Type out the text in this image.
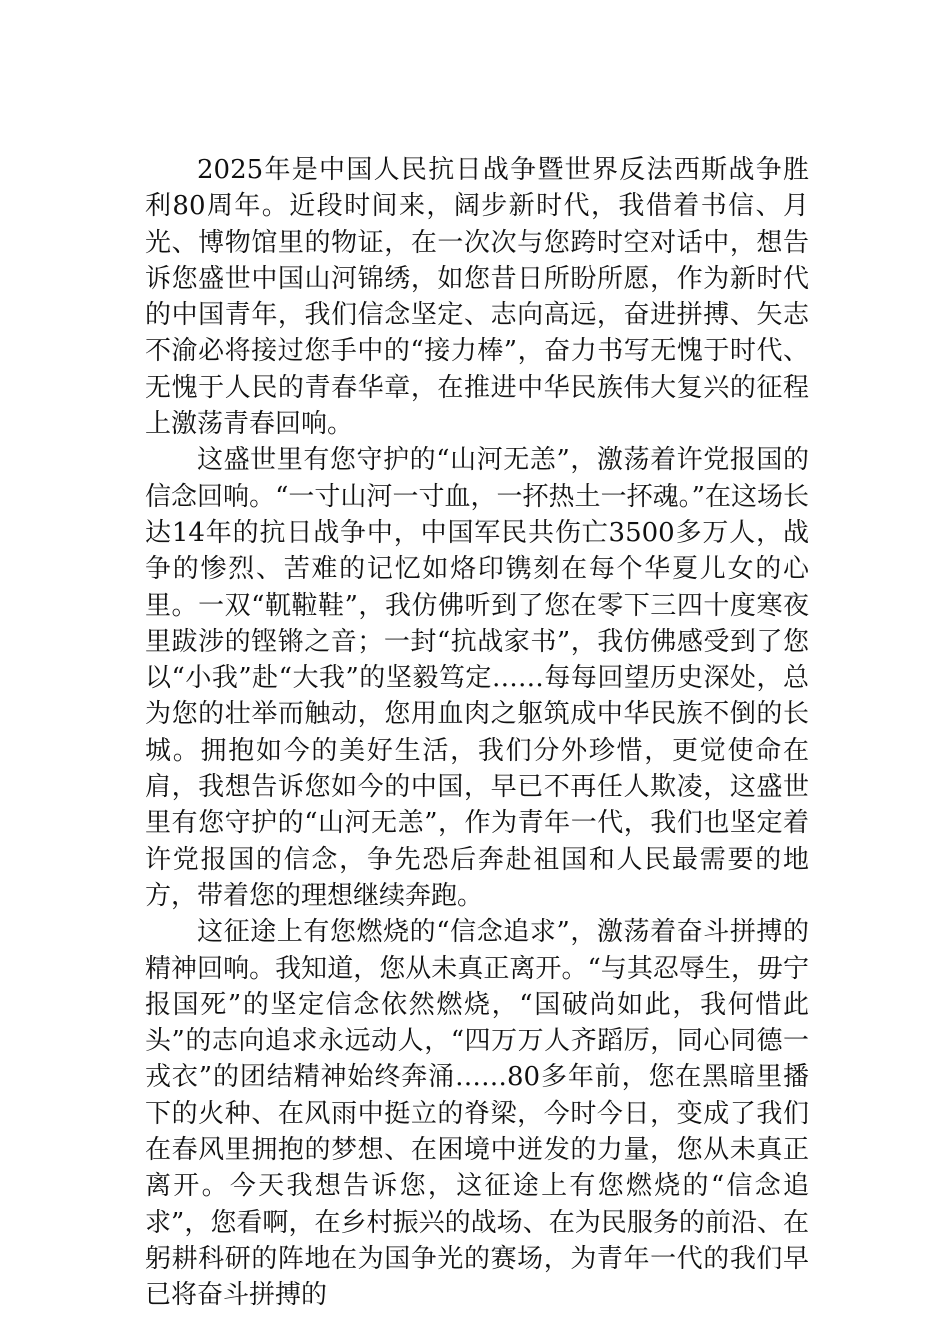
2025年是中国人民抗日战争暨世界反法西斯战争胜利80周年。近段时间来，阔步新时代，我借着书信、月光、博物馆里的物证，在一次次与您跨时空对话中，想告诉您盛世中国山河锦绣，如您昔日所盼所愿，作为新时代的中国青年，我们信念坚定、志向高远，奋进拼搏、矢志不渝必将接过您手中的“接力棒”，奋力书写无愧于时代、无愧于人民的青春华章，在推进中华民族伟大复兴的征程上激荡青春回响。

这盛世里有您守护的“山河无恙”，激荡着许党报国的信念回响。“一寸山河一寸血，一抔热土一抔魂。”在这场长达14年的抗日战争中，中国军民共伤亡3500多万人，战争的惨烈、苦难的记忆如烙印镌刻在每个华夏儿女的心里。一双“靰鞡鞋”，我仿佛听到了您在零下三四十度寒夜里跋涉的铿锵之音；一封“抗战家书”，我仿佛感受到了您以“小我”赴“大我”的坚毅笃定……每每回望历史深处，总为您的壮举而触动，您用血肉之躯筑成中华民族不倒的长城。拥抱如今的美好生活，我们分外珍惜，更觉使命在肩，我想告诉您如今的中国，早已不再任人欺凌，这盛世里有您守护的“山河无恙”，作为青年一代，我们也坚定着许党报国的信念，争先恐后奔赴祖国和人民最需要的地方，带着您的理想继续奔跑。

这征途上有您燃烧的“信念追求”，激荡着奋斗拼搏的精神回响。我知道，您从未真正离开。“与其忍辱生，毋宁报国死”的坚定信念依然燃烧，“国破尚如此，我何惜此头”的志向追求永远动人，“四万万人齐蹈厉，同心同德一戎衣”的团结精神始终奔涌……80多年前，您在黑暗里播下的火种、在风雨中挺立的脊梁，今时今日，变成了我们在春风里拥抱的梦想、在困境中迸发的力量，您从未真正离开。今天我想告诉您，这征途上有您燃烧的“信念追求”，您看啊，在乡村振兴的战场、在为民服务的前沿、在躬耕科研的阵地在为国争光的赛场，为青年一代的我们早已将奋斗拼搏的
